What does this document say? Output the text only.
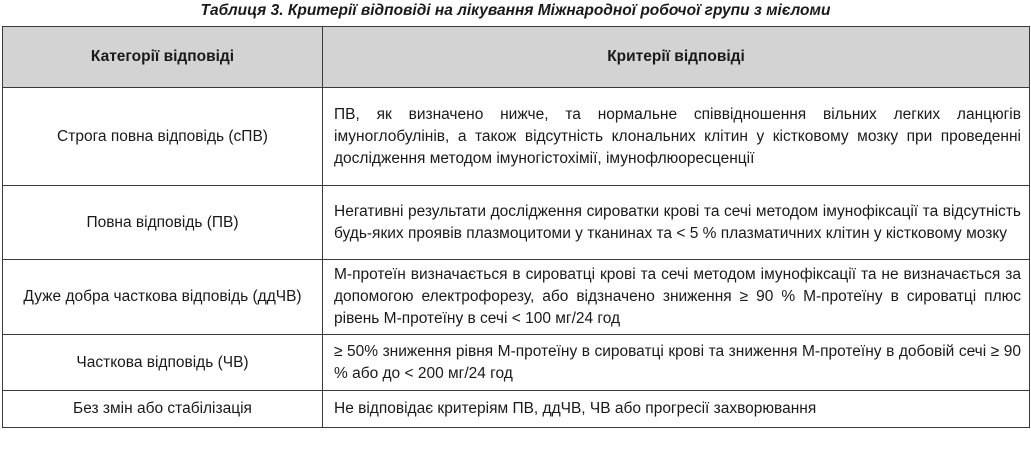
Таблиця 3. Критерії відповіді на лікування Міжнародної робочої групи з мієломи
Категорії відповіді	Критерії відповіді
Строга повна відповідь (сПВ)	ПВ, як визначено нижче, та нормальне співвідношення вільних легких ланцюгів імуноглобулінів, а також відсутність клональних клітин у кістковому мозку при проведенні дослідження методом імуногістохімії, імунофлюоресценції
Повна відповідь (ПВ)	Негативні результати дослідження сироватки крові та сечі методом імунофіксації та відсутність будь-яких проявів плазмоцитоми у тканинах та < 5 % плазматичних клітин у кістковому мозку
Дуже добра часткова відповідь (ддЧВ)	М-протеїн визначається в сироватці крові та сечі методом імунофіксації та не визначається за допомогою електрофорезу, або відзначено зниження ≥ 90 % М-протеїну в сироватці плюс рівень М-протеїну в сечі < 100 мг/24 год
Часткова відповідь (ЧВ)	≥ 50% зниження рівня М-протеїну в сироватці крові та зниження М-протеїну в добовій сечі ≥ 90 % або до < 200 мг/24 год
Без змін або стабілізація	Не відповідає критеріям ПВ, ддЧВ, ЧВ або прогресії захворювання
